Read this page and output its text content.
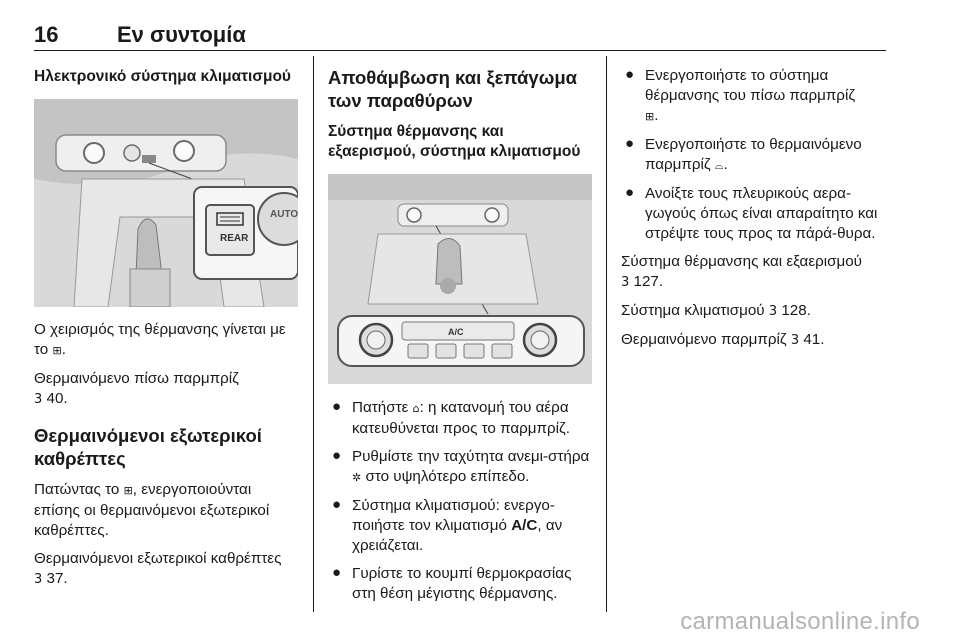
16	Εν συντομία
Ηλεκτρονικό σύστημα κλιματισμού
REAR
AUTO

Ο χειρισμός της θέρμανσης γίνεται με το ⊞.

Θερμαινόμενο πίσω παρμπρίζ
3 40.

Θερμαινόμενοι εξωτερικοί καθρέπτες

Πατώντας το ⊞, ενεργοποιούνται επίσης οι θερμαινόμενοι εξωτερικοί καθρέπτες.

Θερμαινόμενοι εξωτερικοί καθρέπτες
3 37.

Αποθάμβωση και ξεπάγωμα των παραθύρων
Σύστημα θέρμανσης και εξαερισμού, σύστημα κλιματισμού
A/C
● Πατήστε ⌂: η κατανομή του αέρα κατευθύνεται προς το παρμπρίζ.

● Ρυθμίστε την ταχύτητα ανεμι-στήρα ✲ στο υψηλότερο επίπεδο.

● Σύστημα κλιματισμού: ενεργο-ποιήστε τον κλιματισμό A/C, αν χρειάζεται.

● Γυρίστε το κουμπί θερμοκρασίας στη θέση μέγιστης θέρμανσης.

● Ενεργοποιήστε το σύστημα θέρμανσης του πίσω παρμπρίζ
⊞.

● Ενεργοποιήστε το θερμαινόμενο παρμπρίζ ⌓.

● Ανοίξτε τους πλευρικούς αερα-γωγούς όπως είναι απαραίτητο και στρέψτε τους προς τα πάρά-θυρα.

Σύστημα θέρμανσης και εξαερισμού
3 127.

Σύστημα κλιματισμού 3 128.

Θερμαινόμενο παρμπρίζ 3 41.

carmanualsonline.info
